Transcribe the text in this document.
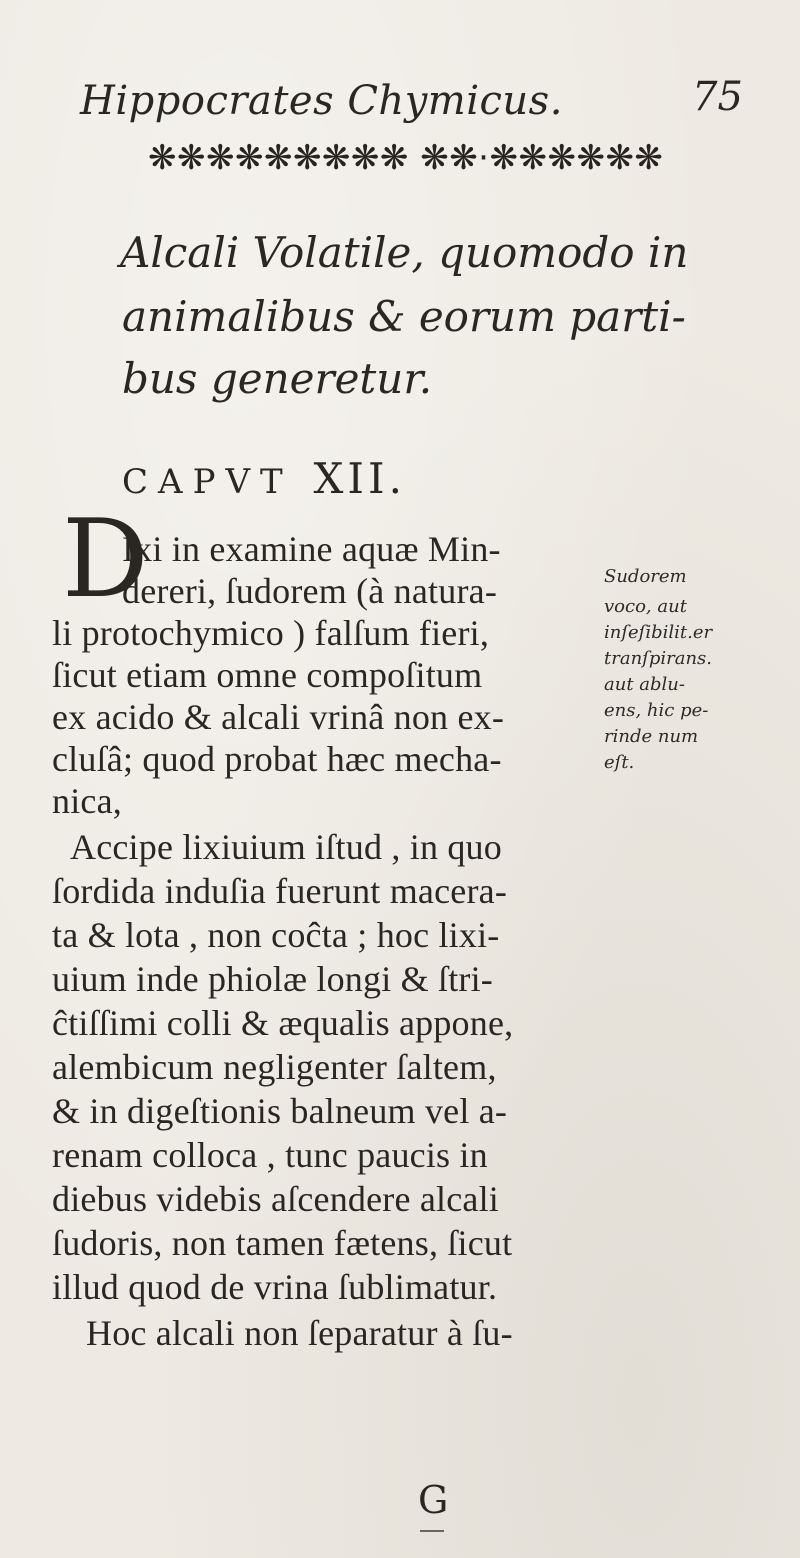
Hippocrates Chymicus.	75
❋❋❋❋❋❋❋❋❋ ❋❋·❋❋❋❋❋❋
Alcali Volatile, quomodo in
animalibus & eorum parti-
bus generetur.
CAPVT XII.
D
Ixi in examine aquæ Min-
dereri, ſudorem (à natura-
li protochymico ) falſum fieri,
ſicut etiam omne compoſitum
ex acido & alcali vrinâ non ex-
cluſâ; quod probat hæc mecha-
nica,
Accipe lixiuium iſtud , in quo
ſordida induſia fuerunt macera-
ta & lota , non coĉta ; hoc lixi-
uium inde phiolæ longi & ſtri-
ĉtiſſimi colli & æqualis appone,
alembicum negligenter ſaltem,
& in digeſtionis balneum vel a-
renam colloca , tunc paucis in
diebus videbis aſcendere alcali
ſudoris, non tamen fætens, ſicut
illud quod de vrina ſublimatur.
Hoc alcali non ſeparatur à ſu-
Sudorem
voco, aut
inſeſibilit.er
tranſpirans.
aut ablu-
ens, hic pe-
rinde num
eſt.
G
